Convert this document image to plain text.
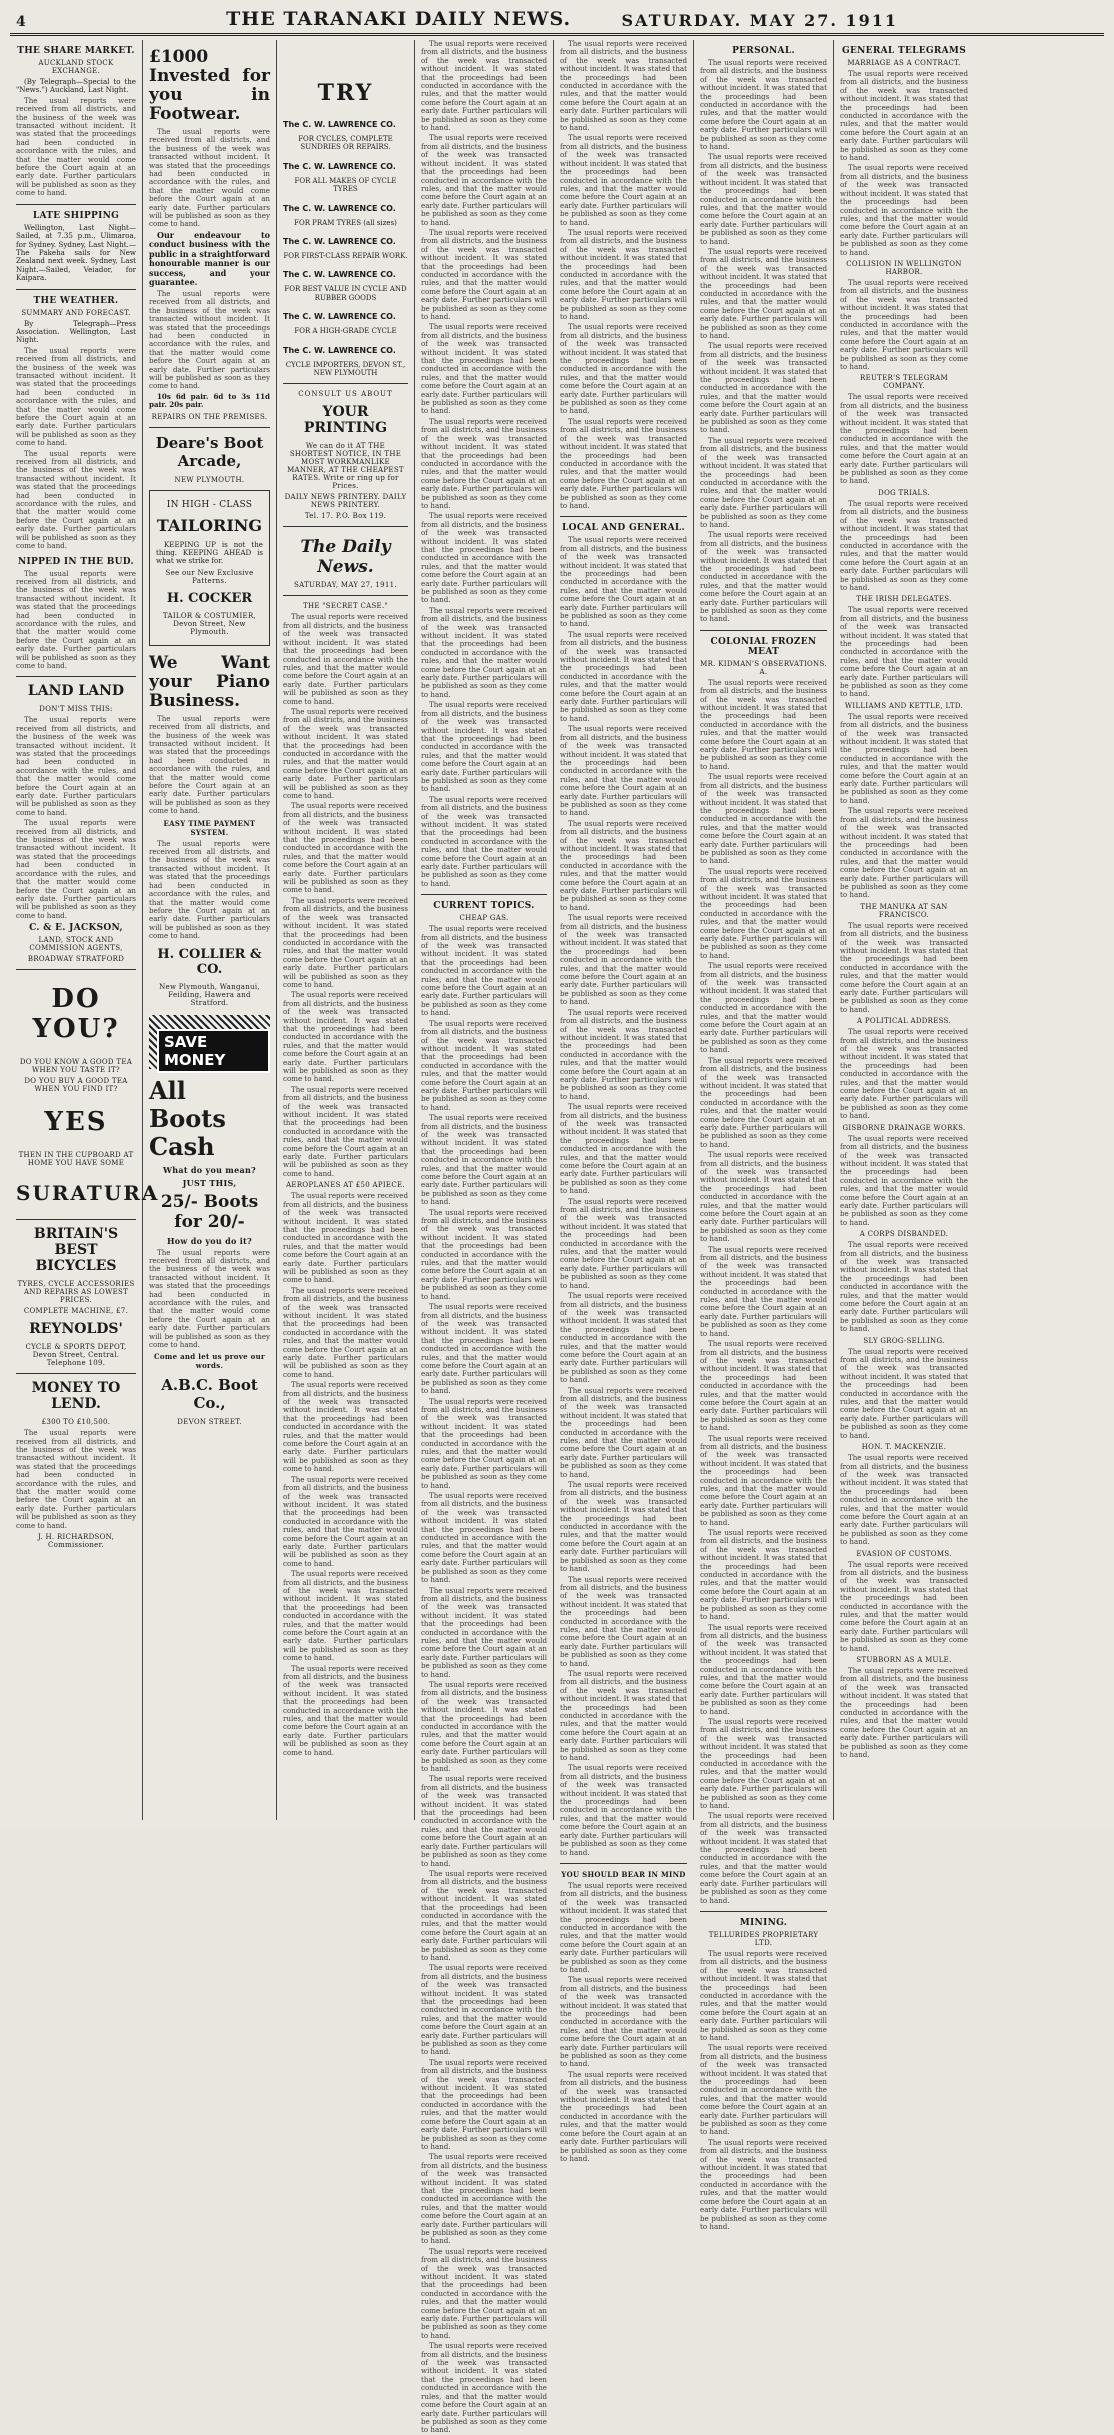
4	THE TARANAKI DAILY NEWS.	SATURDAY. MAY 27. 1911
THE SHARE MARKET.
AUCKLAND STOCK EXCHANGE.

(By Telegraph—Special to the "News.") Auckland, Last Night.

The usual reports were received from all districts, and the business of the week was transacted without incident. It was stated that the proceedings had been conducted in accordance with the rules, and that the matter would come before the Court again at an early date. Further particulars will be published as soon as they come to hand.

LATE SHIPPING

Wellington, Last Night—Sailed, at 7.35 p.m., Ulimaroa, for Sydney. Sydney, Last Night.—The Pakeha sails for New Zealand next week. Sydney, Last Night.—Sailed, Veiador, for Kaipara.

THE WEATHER.
SUMMARY AND FORECAST.

By Telegraph—Press Association. Wellington, Last Night.

The usual reports were received from all districts, and the business of the week was transacted without incident. It was stated that the proceedings had been conducted in accordance with the rules, and that the matter would come before the Court again at an early date. Further particulars will be published as soon as they come to hand.

The usual reports were received from all districts, and the business of the week was transacted without incident. It was stated that the proceedings had been conducted in accordance with the rules, and that the matter would come before the Court again at an early date. Further particulars will be published as soon as they come to hand.

NIPPED IN THE BUD.

The usual reports were received from all districts, and the business of the week was transacted without incident. It was stated that the proceedings had been conducted in accordance with the rules, and that the matter would come before the Court again at an early date. Further particulars will be published as soon as they come to hand.

LAND LAND
DON'T MISS THIS:

The usual reports were received from all districts, and the business of the week was transacted without incident. It was stated that the proceedings had been conducted in accordance with the rules, and that the matter would come before the Court again at an early date. Further particulars will be published as soon as they come to hand.

The usual reports were received from all districts, and the business of the week was transacted without incident. It was stated that the proceedings had been conducted in accordance with the rules, and that the matter would come before the Court again at an early date. Further particulars will be published as soon as they come to hand.

C. & E. JACKSON,
LAND, STOCK AND COMMISSION AGENTS,
BROADWAY STRATFORD
DO YOU?
DO YOU KNOW A GOOD TEA WHEN YOU TASTE IT?
DO YOU BUY A GOOD TEA WHEN YOU FIND IT?
YES
THEN IN THE CUPBOARD AT HOME YOU HAVE SOME
SURATURA
BRITAIN'S BEST BICYCLES
TYRES, CYCLE ACCESSORIES AND REPAIRS AS LOWEST PRICES.
COMPLETE MACHINE, £7.
REYNOLDS'
CYCLE & SPORTS DEPOT, Devon Street, Central. Telephone 109.
MONEY TO LEND.
£300 TO £10,500.

The usual reports were received from all districts, and the business of the week was transacted without incident. It was stated that the proceedings had been conducted in accordance with the rules, and that the matter would come before the Court again at an early date. Further particulars will be published as soon as they come to hand.

J. H. RICHARDSON, Commissioner.
£1000 Invested for you in Footwear.

The usual reports were received from all districts, and the business of the week was transacted without incident. It was stated that the proceedings had been conducted in accordance with the rules, and that the matter would come before the Court again at an early date. Further particulars will be published as soon as they come to hand.

Our endeavour to conduct business with the public in a straightforward honourable manner is our success, and your guarantee.

The usual reports were received from all districts, and the business of the week was transacted without incident. It was stated that the proceedings had been conducted in accordance with the rules, and that the matter would come before the Court again at an early date. Further particulars will be published as soon as they come to hand.

10s 6d pair. 6d to 3s 11d pair. 20s pair.

REPAIRS ON THE PREMISES.
Deare's Boot Arcade,
NEW PLYMOUTH.
IN HIGH - CLASS
TAILORING

KEEPING UP is not the thing. KEEPING AHEAD is what we strike for.

See our New Exclusive Patterns.
H. COCKER
TAILOR & COSTUMIER, Devon Street, New Plymouth.
We Want your Piano Business.

The usual reports were received from all districts, and the business of the week was transacted without incident. It was stated that the proceedings had been conducted in accordance with the rules, and that the matter would come before the Court again at an early date. Further particulars will be published as soon as they come to hand.

EASY TIME PAYMENT SYSTEM.

The usual reports were received from all districts, and the business of the week was transacted without incident. It was stated that the proceedings had been conducted in accordance with the rules, and that the matter would come before the Court again at an early date. Further particulars will be published as soon as they come to hand.

H. COLLIER & CO.
New Plymouth, Wanganui, Feilding, Hawera and Stratford.
SAVE MONEY
All Boots Cash
What do you mean?
JUST THIS,
25/- Boots for 20/-
How do you do it?

The usual reports were received from all districts, and the business of the week was transacted without incident. It was stated that the proceedings had been conducted in accordance with the rules, and that the matter would come before the Court again at an early date. Further particulars will be published as soon as they come to hand.

Come and let us prove our words.
A.B.C. Boot Co.,
DEVON STREET.
TRY
The C. W. LAWRENCE CO.
FOR CYCLES, COMPLETE SUNDRIES OR REPAIRS.
The C. W. LAWRENCE CO.
FOR ALL MAKES OF CYCLE TYRES
The C. W. LAWRENCE CO.
FOR PRAM TYRES (all sizes)
The C. W. LAWRENCE CO.
FOR FIRST-CLASS REPAIR WORK.
The C. W. LAWRENCE CO.
FOR BEST VALUE IN CYCLE AND RUBBER GOODS
The C. W. LAWRENCE CO.
FOR A HIGH-GRADE CYCLE
The C. W. LAWRENCE CO.
CYCLE IMPORTERS, DEVON ST., NEW PLYMOUTH
CONSULT US ABOUT
YOUR PRINTING
We can do it AT THE SHORTEST NOTICE, IN THE MOST WORKMANLIKE MANNER, AT THE CHEAPEST RATES. Write or ring up for Prices.
DAILY NEWS PRINTERY. DAILY NEWS PRINTERY.
Tel. 17. P.O. Box 119.
The Daily News.
SATURDAY, MAY 27, 1911.
THE "SECRET CASE."

The usual reports were received from all districts, and the business of the week was transacted without incident. It was stated that the proceedings had been conducted in accordance with the rules, and that the matter would come before the Court again at an early date. Further particulars will be published as soon as they come to hand.

The usual reports were received from all districts, and the business of the week was transacted without incident. It was stated that the proceedings had been conducted in accordance with the rules, and that the matter would come before the Court again at an early date. Further particulars will be published as soon as they come to hand.

The usual reports were received from all districts, and the business of the week was transacted without incident. It was stated that the proceedings had been conducted in accordance with the rules, and that the matter would come before the Court again at an early date. Further particulars will be published as soon as they come to hand.

The usual reports were received from all districts, and the business of the week was transacted without incident. It was stated that the proceedings had been conducted in accordance with the rules, and that the matter would come before the Court again at an early date. Further particulars will be published as soon as they come to hand.

The usual reports were received from all districts, and the business of the week was transacted without incident. It was stated that the proceedings had been conducted in accordance with the rules, and that the matter would come before the Court again at an early date. Further particulars will be published as soon as they come to hand.

The usual reports were received from all districts, and the business of the week was transacted without incident. It was stated that the proceedings had been conducted in accordance with the rules, and that the matter would come before the Court again at an early date. Further particulars will be published as soon as they come to hand.

AEROPLANES AT £50 APIECE.

The usual reports were received from all districts, and the business of the week was transacted without incident. It was stated that the proceedings had been conducted in accordance with the rules, and that the matter would come before the Court again at an early date. Further particulars will be published as soon as they come to hand.

The usual reports were received from all districts, and the business of the week was transacted without incident. It was stated that the proceedings had been conducted in accordance with the rules, and that the matter would come before the Court again at an early date. Further particulars will be published as soon as they come to hand.

The usual reports were received from all districts, and the business of the week was transacted without incident. It was stated that the proceedings had been conducted in accordance with the rules, and that the matter would come before the Court again at an early date. Further particulars will be published as soon as they come to hand.

The usual reports were received from all districts, and the business of the week was transacted without incident. It was stated that the proceedings had been conducted in accordance with the rules, and that the matter would come before the Court again at an early date. Further particulars will be published as soon as they come to hand.

The usual reports were received from all districts, and the business of the week was transacted without incident. It was stated that the proceedings had been conducted in accordance with the rules, and that the matter would come before the Court again at an early date. Further particulars will be published as soon as they come to hand.

The usual reports were received from all districts, and the business of the week was transacted without incident. It was stated that the proceedings had been conducted in accordance with the rules, and that the matter would come before the Court again at an early date. Further particulars will be published as soon as they come to hand.

The usual reports were received from all districts, and the business of the week was transacted without incident. It was stated that the proceedings had been conducted in accordance with the rules, and that the matter would come before the Court again at an early date. Further particulars will be published as soon as they come to hand.

The usual reports were received from all districts, and the business of the week was transacted without incident. It was stated that the proceedings had been conducted in accordance with the rules, and that the matter would come before the Court again at an early date. Further particulars will be published as soon as they come to hand.

The usual reports were received from all districts, and the business of the week was transacted without incident. It was stated that the proceedings had been conducted in accordance with the rules, and that the matter would come before the Court again at an early date. Further particulars will be published as soon as they come to hand.

The usual reports were received from all districts, and the business of the week was transacted without incident. It was stated that the proceedings had been conducted in accordance with the rules, and that the matter would come before the Court again at an early date. Further particulars will be published as soon as they come to hand.

The usual reports were received from all districts, and the business of the week was transacted without incident. It was stated that the proceedings had been conducted in accordance with the rules, and that the matter would come before the Court again at an early date. Further particulars will be published as soon as they come to hand.

The usual reports were received from all districts, and the business of the week was transacted without incident. It was stated that the proceedings had been conducted in accordance with the rules, and that the matter would come before the Court again at an early date. Further particulars will be published as soon as they come to hand.

The usual reports were received from all districts, and the business of the week was transacted without incident. It was stated that the proceedings had been conducted in accordance with the rules, and that the matter would come before the Court again at an early date. Further particulars will be published as soon as they come to hand.

The usual reports were received from all districts, and the business of the week was transacted without incident. It was stated that the proceedings had been conducted in accordance with the rules, and that the matter would come before the Court again at an early date. Further particulars will be published as soon as they come to hand.

The usual reports were received from all districts, and the business of the week was transacted without incident. It was stated that the proceedings had been conducted in accordance with the rules, and that the matter would come before the Court again at an early date. Further particulars will be published as soon as they come to hand.

CURRENT TOPICS.
CHEAP GAS.

The usual reports were received from all districts, and the business of the week was transacted without incident. It was stated that the proceedings had been conducted in accordance with the rules, and that the matter would come before the Court again at an early date. Further particulars will be published as soon as they come to hand.

The usual reports were received from all districts, and the business of the week was transacted without incident. It was stated that the proceedings had been conducted in accordance with the rules, and that the matter would come before the Court again at an early date. Further particulars will be published as soon as they come to hand.

The usual reports were received from all districts, and the business of the week was transacted without incident. It was stated that the proceedings had been conducted in accordance with the rules, and that the matter would come before the Court again at an early date. Further particulars will be published as soon as they come to hand.

The usual reports were received from all districts, and the business of the week was transacted without incident. It was stated that the proceedings had been conducted in accordance with the rules, and that the matter would come before the Court again at an early date. Further particulars will be published as soon as they come to hand.

The usual reports were received from all districts, and the business of the week was transacted without incident. It was stated that the proceedings had been conducted in accordance with the rules, and that the matter would come before the Court again at an early date. Further particulars will be published as soon as they come to hand.

The usual reports were received from all districts, and the business of the week was transacted without incident. It was stated that the proceedings had been conducted in accordance with the rules, and that the matter would come before the Court again at an early date. Further particulars will be published as soon as they come to hand.

The usual reports were received from all districts, and the business of the week was transacted without incident. It was stated that the proceedings had been conducted in accordance with the rules, and that the matter would come before the Court again at an early date. Further particulars will be published as soon as they come to hand.

The usual reports were received from all districts, and the business of the week was transacted without incident. It was stated that the proceedings had been conducted in accordance with the rules, and that the matter would come before the Court again at an early date. Further particulars will be published as soon as they come to hand.

The usual reports were received from all districts, and the business of the week was transacted without incident. It was stated that the proceedings had been conducted in accordance with the rules, and that the matter would come before the Court again at an early date. Further particulars will be published as soon as they come to hand.

The usual reports were received from all districts, and the business of the week was transacted without incident. It was stated that the proceedings had been conducted in accordance with the rules, and that the matter would come before the Court again at an early date. Further particulars will be published as soon as they come to hand.

The usual reports were received from all districts, and the business of the week was transacted without incident. It was stated that the proceedings had been conducted in accordance with the rules, and that the matter would come before the Court again at an early date. Further particulars will be published as soon as they come to hand.

The usual reports were received from all districts, and the business of the week was transacted without incident. It was stated that the proceedings had been conducted in accordance with the rules, and that the matter would come before the Court again at an early date. Further particulars will be published as soon as they come to hand.

The usual reports were received from all districts, and the business of the week was transacted without incident. It was stated that the proceedings had been conducted in accordance with the rules, and that the matter would come before the Court again at an early date. Further particulars will be published as soon as they come to hand.

The usual reports were received from all districts, and the business of the week was transacted without incident. It was stated that the proceedings had been conducted in accordance with the rules, and that the matter would come before the Court again at an early date. Further particulars will be published as soon as they come to hand.

The usual reports were received from all districts, and the business of the week was transacted without incident. It was stated that the proceedings had been conducted in accordance with the rules, and that the matter would come before the Court again at an early date. Further particulars will be published as soon as they come to hand.

The usual reports were received from all districts, and the business of the week was transacted without incident. It was stated that the proceedings had been conducted in accordance with the rules, and that the matter would come before the Court again at an early date. Further particulars will be published as soon as they come to hand.

The usual reports were received from all districts, and the business of the week was transacted without incident. It was stated that the proceedings had been conducted in accordance with the rules, and that the matter would come before the Court again at an early date. Further particulars will be published as soon as they come to hand.

The usual reports were received from all districts, and the business of the week was transacted without incident. It was stated that the proceedings had been conducted in accordance with the rules, and that the matter would come before the Court again at an early date. Further particulars will be published as soon as they come to hand.

The usual reports were received from all districts, and the business of the week was transacted without incident. It was stated that the proceedings had been conducted in accordance with the rules, and that the matter would come before the Court again at an early date. Further particulars will be published as soon as they come to hand.

The usual reports were received from all districts, and the business of the week was transacted without incident. It was stated that the proceedings had been conducted in accordance with the rules, and that the matter would come before the Court again at an early date. Further particulars will be published as soon as they come to hand.

The usual reports were received from all districts, and the business of the week was transacted without incident. It was stated that the proceedings had been conducted in accordance with the rules, and that the matter would come before the Court again at an early date. Further particulars will be published as soon as they come to hand.

LOCAL AND GENERAL.

The usual reports were received from all districts, and the business of the week was transacted without incident. It was stated that the proceedings had been conducted in accordance with the rules, and that the matter would come before the Court again at an early date. Further particulars will be published as soon as they come to hand.

The usual reports were received from all districts, and the business of the week was transacted without incident. It was stated that the proceedings had been conducted in accordance with the rules, and that the matter would come before the Court again at an early date. Further particulars will be published as soon as they come to hand.

The usual reports were received from all districts, and the business of the week was transacted without incident. It was stated that the proceedings had been conducted in accordance with the rules, and that the matter would come before the Court again at an early date. Further particulars will be published as soon as they come to hand.

The usual reports were received from all districts, and the business of the week was transacted without incident. It was stated that the proceedings had been conducted in accordance with the rules, and that the matter would come before the Court again at an early date. Further particulars will be published as soon as they come to hand.

The usual reports were received from all districts, and the business of the week was transacted without incident. It was stated that the proceedings had been conducted in accordance with the rules, and that the matter would come before the Court again at an early date. Further particulars will be published as soon as they come to hand.

The usual reports were received from all districts, and the business of the week was transacted without incident. It was stated that the proceedings had been conducted in accordance with the rules, and that the matter would come before the Court again at an early date. Further particulars will be published as soon as they come to hand.

The usual reports were received from all districts, and the business of the week was transacted without incident. It was stated that the proceedings had been conducted in accordance with the rules, and that the matter would come before the Court again at an early date. Further particulars will be published as soon as they come to hand.

The usual reports were received from all districts, and the business of the week was transacted without incident. It was stated that the proceedings had been conducted in accordance with the rules, and that the matter would come before the Court again at an early date. Further particulars will be published as soon as they come to hand.

The usual reports were received from all districts, and the business of the week was transacted without incident. It was stated that the proceedings had been conducted in accordance with the rules, and that the matter would come before the Court again at an early date. Further particulars will be published as soon as they come to hand.

The usual reports were received from all districts, and the business of the week was transacted without incident. It was stated that the proceedings had been conducted in accordance with the rules, and that the matter would come before the Court again at an early date. Further particulars will be published as soon as they come to hand.

The usual reports were received from all districts, and the business of the week was transacted without incident. It was stated that the proceedings had been conducted in accordance with the rules, and that the matter would come before the Court again at an early date. Further particulars will be published as soon as they come to hand.

The usual reports were received from all districts, and the business of the week was transacted without incident. It was stated that the proceedings had been conducted in accordance with the rules, and that the matter would come before the Court again at an early date. Further particulars will be published as soon as they come to hand.

The usual reports were received from all districts, and the business of the week was transacted without incident. It was stated that the proceedings had been conducted in accordance with the rules, and that the matter would come before the Court again at an early date. Further particulars will be published as soon as they come to hand.

The usual reports were received from all districts, and the business of the week was transacted without incident. It was stated that the proceedings had been conducted in accordance with the rules, and that the matter would come before the Court again at an early date. Further particulars will be published as soon as they come to hand.

YOU SHOULD BEAR IN MIND

The usual reports were received from all districts, and the business of the week was transacted without incident. It was stated that the proceedings had been conducted in accordance with the rules, and that the matter would come before the Court again at an early date. Further particulars will be published as soon as they come to hand.

The usual reports were received from all districts, and the business of the week was transacted without incident. It was stated that the proceedings had been conducted in accordance with the rules, and that the matter would come before the Court again at an early date. Further particulars will be published as soon as they come to hand.

The usual reports were received from all districts, and the business of the week was transacted without incident. It was stated that the proceedings had been conducted in accordance with the rules, and that the matter would come before the Court again at an early date. Further particulars will be published as soon as they come to hand.

PERSONAL.

The usual reports were received from all districts, and the business of the week was transacted without incident. It was stated that the proceedings had been conducted in accordance with the rules, and that the matter would come before the Court again at an early date. Further particulars will be published as soon as they come to hand.

The usual reports were received from all districts, and the business of the week was transacted without incident. It was stated that the proceedings had been conducted in accordance with the rules, and that the matter would come before the Court again at an early date. Further particulars will be published as soon as they come to hand.

The usual reports were received from all districts, and the business of the week was transacted without incident. It was stated that the proceedings had been conducted in accordance with the rules, and that the matter would come before the Court again at an early date. Further particulars will be published as soon as they come to hand.

The usual reports were received from all districts, and the business of the week was transacted without incident. It was stated that the proceedings had been conducted in accordance with the rules, and that the matter would come before the Court again at an early date. Further particulars will be published as soon as they come to hand.

The usual reports were received from all districts, and the business of the week was transacted without incident. It was stated that the proceedings had been conducted in accordance with the rules, and that the matter would come before the Court again at an early date. Further particulars will be published as soon as they come to hand.

The usual reports were received from all districts, and the business of the week was transacted without incident. It was stated that the proceedings had been conducted in accordance with the rules, and that the matter would come before the Court again at an early date. Further particulars will be published as soon as they come to hand.

COLONIAL FROZEN MEAT
MR. KIDMAN'S OBSERVATIONS. A.

The usual reports were received from all districts, and the business of the week was transacted without incident. It was stated that the proceedings had been conducted in accordance with the rules, and that the matter would come before the Court again at an early date. Further particulars will be published as soon as they come to hand.

The usual reports were received from all districts, and the business of the week was transacted without incident. It was stated that the proceedings had been conducted in accordance with the rules, and that the matter would come before the Court again at an early date. Further particulars will be published as soon as they come to hand.

The usual reports were received from all districts, and the business of the week was transacted without incident. It was stated that the proceedings had been conducted in accordance with the rules, and that the matter would come before the Court again at an early date. Further particulars will be published as soon as they come to hand.

The usual reports were received from all districts, and the business of the week was transacted without incident. It was stated that the proceedings had been conducted in accordance with the rules, and that the matter would come before the Court again at an early date. Further particulars will be published as soon as they come to hand.

The usual reports were received from all districts, and the business of the week was transacted without incident. It was stated that the proceedings had been conducted in accordance with the rules, and that the matter would come before the Court again at an early date. Further particulars will be published as soon as they come to hand.

The usual reports were received from all districts, and the business of the week was transacted without incident. It was stated that the proceedings had been conducted in accordance with the rules, and that the matter would come before the Court again at an early date. Further particulars will be published as soon as they come to hand.

The usual reports were received from all districts, and the business of the week was transacted without incident. It was stated that the proceedings had been conducted in accordance with the rules, and that the matter would come before the Court again at an early date. Further particulars will be published as soon as they come to hand.

The usual reports were received from all districts, and the business of the week was transacted without incident. It was stated that the proceedings had been conducted in accordance with the rules, and that the matter would come before the Court again at an early date. Further particulars will be published as soon as they come to hand.

The usual reports were received from all districts, and the business of the week was transacted without incident. It was stated that the proceedings had been conducted in accordance with the rules, and that the matter would come before the Court again at an early date. Further particulars will be published as soon as they come to hand.

The usual reports were received from all districts, and the business of the week was transacted without incident. It was stated that the proceedings had been conducted in accordance with the rules, and that the matter would come before the Court again at an early date. Further particulars will be published as soon as they come to hand.

The usual reports were received from all districts, and the business of the week was transacted without incident. It was stated that the proceedings had been conducted in accordance with the rules, and that the matter would come before the Court again at an early date. Further particulars will be published as soon as they come to hand.

The usual reports were received from all districts, and the business of the week was transacted without incident. It was stated that the proceedings had been conducted in accordance with the rules, and that the matter would come before the Court again at an early date. Further particulars will be published as soon as they come to hand.

The usual reports were received from all districts, and the business of the week was transacted without incident. It was stated that the proceedings had been conducted in accordance with the rules, and that the matter would come before the Court again at an early date. Further particulars will be published as soon as they come to hand.

MINING.
TELLURIDES PROPRIETARY LTD.

The usual reports were received from all districts, and the business of the week was transacted without incident. It was stated that the proceedings had been conducted in accordance with the rules, and that the matter would come before the Court again at an early date. Further particulars will be published as soon as they come to hand.

The usual reports were received from all districts, and the business of the week was transacted without incident. It was stated that the proceedings had been conducted in accordance with the rules, and that the matter would come before the Court again at an early date. Further particulars will be published as soon as they come to hand.

The usual reports were received from all districts, and the business of the week was transacted without incident. It was stated that the proceedings had been conducted in accordance with the rules, and that the matter would come before the Court again at an early date. Further particulars will be published as soon as they come to hand.

GENERAL TELEGRAMS
MARRIAGE AS A CONTRACT.

The usual reports were received from all districts, and the business of the week was transacted without incident. It was stated that the proceedings had been conducted in accordance with the rules, and that the matter would come before the Court again at an early date. Further particulars will be published as soon as they come to hand.

The usual reports were received from all districts, and the business of the week was transacted without incident. It was stated that the proceedings had been conducted in accordance with the rules, and that the matter would come before the Court again at an early date. Further particulars will be published as soon as they come to hand.

COLLISION IN WELLINGTON HARBOR.

The usual reports were received from all districts, and the business of the week was transacted without incident. It was stated that the proceedings had been conducted in accordance with the rules, and that the matter would come before the Court again at an early date. Further particulars will be published as soon as they come to hand.

REUTER'S TELEGRAM COMPANY.

The usual reports were received from all districts, and the business of the week was transacted without incident. It was stated that the proceedings had been conducted in accordance with the rules, and that the matter would come before the Court again at an early date. Further particulars will be published as soon as they come to hand.

DOG TRIALS.

The usual reports were received from all districts, and the business of the week was transacted without incident. It was stated that the proceedings had been conducted in accordance with the rules, and that the matter would come before the Court again at an early date. Further particulars will be published as soon as they come to hand.

THE IRISH DELEGATES.

The usual reports were received from all districts, and the business of the week was transacted without incident. It was stated that the proceedings had been conducted in accordance with the rules, and that the matter would come before the Court again at an early date. Further particulars will be published as soon as they come to hand.

WILLIAMS AND KETTLE, LTD.

The usual reports were received from all districts, and the business of the week was transacted without incident. It was stated that the proceedings had been conducted in accordance with the rules, and that the matter would come before the Court again at an early date. Further particulars will be published as soon as they come to hand.

The usual reports were received from all districts, and the business of the week was transacted without incident. It was stated that the proceedings had been conducted in accordance with the rules, and that the matter would come before the Court again at an early date. Further particulars will be published as soon as they come to hand.

THE MANUKA AT SAN FRANCISCO.

The usual reports were received from all districts, and the business of the week was transacted without incident. It was stated that the proceedings had been conducted in accordance with the rules, and that the matter would come before the Court again at an early date. Further particulars will be published as soon as they come to hand.

A POLITICAL ADDRESS.

The usual reports were received from all districts, and the business of the week was transacted without incident. It was stated that the proceedings had been conducted in accordance with the rules, and that the matter would come before the Court again at an early date. Further particulars will be published as soon as they come to hand.

GISBORNE DRAINAGE WORKS.

The usual reports were received from all districts, and the business of the week was transacted without incident. It was stated that the proceedings had been conducted in accordance with the rules, and that the matter would come before the Court again at an early date. Further particulars will be published as soon as they come to hand.

A CORPS DISBANDED.

The usual reports were received from all districts, and the business of the week was transacted without incident. It was stated that the proceedings had been conducted in accordance with the rules, and that the matter would come before the Court again at an early date. Further particulars will be published as soon as they come to hand.

SLY GROG-SELLING.

The usual reports were received from all districts, and the business of the week was transacted without incident. It was stated that the proceedings had been conducted in accordance with the rules, and that the matter would come before the Court again at an early date. Further particulars will be published as soon as they come to hand.

HON. T. MACKENZIE.

The usual reports were received from all districts, and the business of the week was transacted without incident. It was stated that the proceedings had been conducted in accordance with the rules, and that the matter would come before the Court again at an early date. Further particulars will be published as soon as they come to hand.

EVASION OF CUSTOMS.

The usual reports were received from all districts, and the business of the week was transacted without incident. It was stated that the proceedings had been conducted in accordance with the rules, and that the matter would come before the Court again at an early date. Further particulars will be published as soon as they come to hand.

STUBBORN AS A MULE.

The usual reports were received from all districts, and the business of the week was transacted without incident. It was stated that the proceedings had been conducted in accordance with the rules, and that the matter would come before the Court again at an early date. Further particulars will be published as soon as they come to hand.
